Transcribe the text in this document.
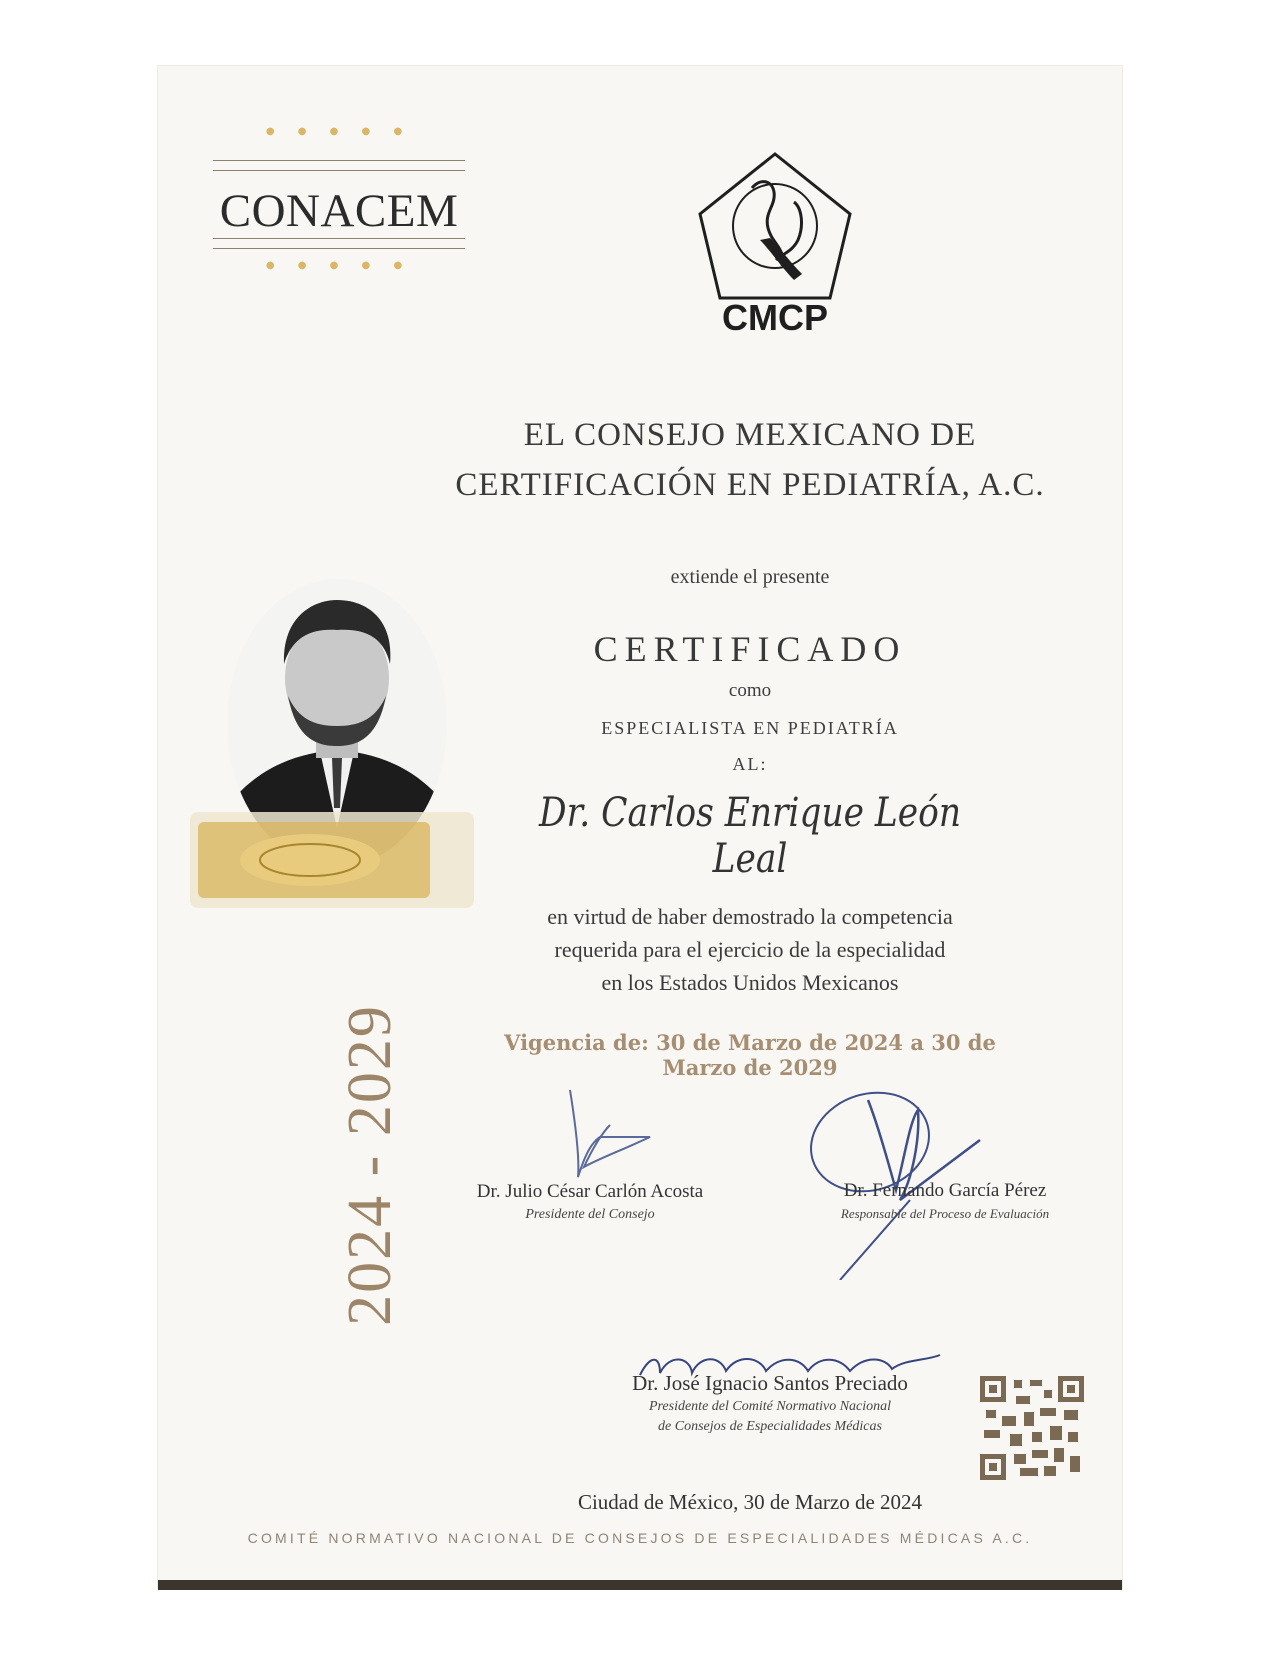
● ● ● ● ●
CONACEM
● ● ● ● ●
CMCP
EL CONSEJO MEXICANO DE
CERTIFICACIÓN EN PEDIATRÍA, A.C.
extiende el presente
CERTIFICADO
como
ESPECIALISTA EN PEDIATRÍA
AL:
Dr. Carlos Enrique León Leal
en virtud de haber demostrado la competencia
requerida para el ejercicio de la especialidad
en los Estados Unidos Mexicanos
Vigencia de: 30 de Marzo de 2024 a 30 de Marzo de 2029
2024 - 2029	Dr. Julio César Carlón Acosta
Presidente del Consejo
Dr. Fernando García Pérez
Responsable del Proceso de Evaluación
Dr. José Ignacio Santos Preciado
Presidente del Comité Normativo Nacional
de Consejos de Especialidades Médicas
Ciudad de México, 30 de Marzo de 2024
COMITÉ NORMATIVO NACIONAL DE CONSEJOS DE ESPECIALIDADES MÉDICAS A.C.
